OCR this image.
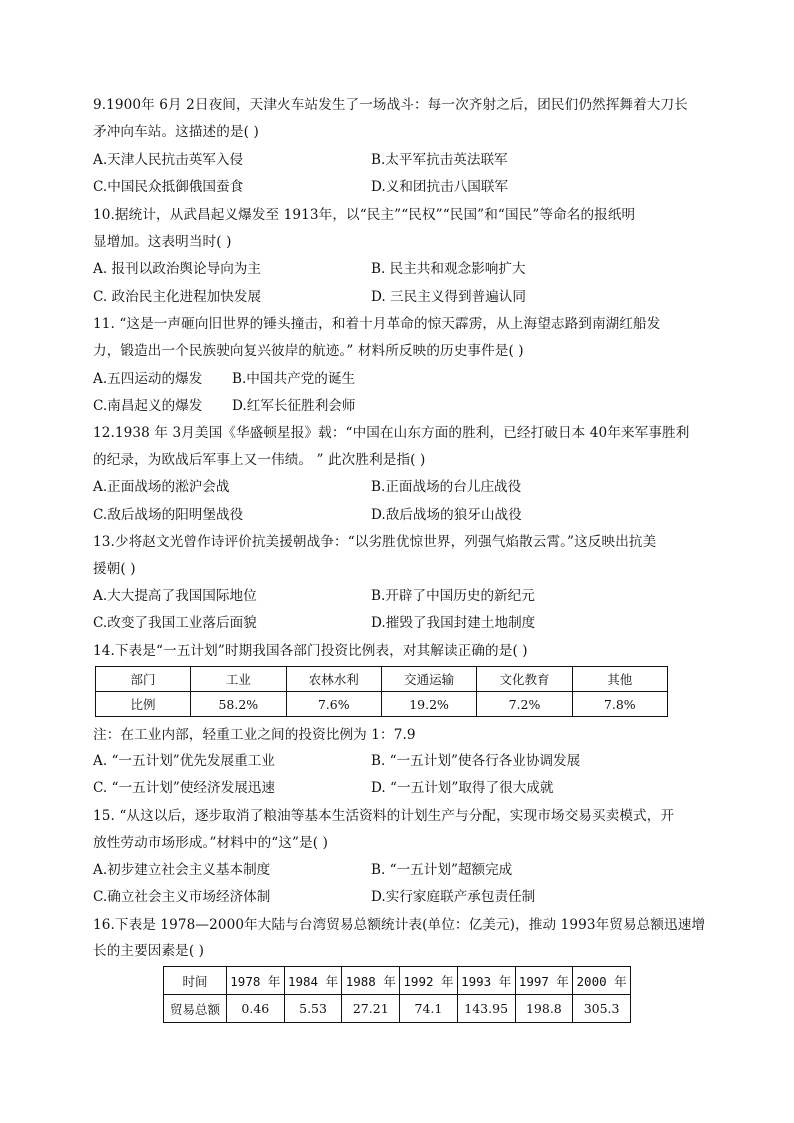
9.1900年 6月 2日夜间，天津火车站发生了一场战斗：每一次齐射之后，团民们仍然挥舞着大刀长
矛冲向车站。这描述的是( )
A.天津人民抗击英军入侵	B.太平军抗击英法联军
C.中国民众抵御俄国蚕食	D.义和团抗击八国联军
10.据统计，从武昌起义爆发至 1913年，以“民主”“民权”“民国”和“国民”等命名的报纸明
显增加。这表明当时( )
A. 报刊以政治舆论导向为主	B. 民主共和观念影响扩大
C. 政治民主化进程加快发展	D. 三民主义得到普遍认同
11. “这是一声砸向旧世界的锤头撞击，和着十月革命的惊天霹雳，从上海望志路到南湖红船发
力，锻造出一个民族驶向复兴彼岸的航迹。” 材料所反映的历史事件是( )
A.五四运动的爆发 B.中国共产党的诞生
C.南昌起义的爆发 D.红军长征胜利会师
12.1938 年 3月美国《华盛顿星报》载：“中国在山东方面的胜利，已经打破日本 40年来军事胜利
的纪录，为欧战后军事上又一伟绩。 ” 此次胜利是指( )
A.正面战场的淞沪会战	B.正面战场的台儿庄战役
C.敌后战场的阳明堡战役	D.敌后战场的狼牙山战役
13.少将赵文光曾作诗评价抗美援朝战争：“以劣胜优惊世界，列强气焰散云霄。”这反映出抗美
援朝( )
A.大大提高了我国国际地位	B.开辟了中国历史的新纪元
C.改变了我国工业落后面貌	D.摧毁了我国封建土地制度
14.下表是“一五计划”时期我国各部门投资比例表，对其解读正确的是( )
部门	工业	农林水利	交通运输	文化教育	其他
比例	58.2%	7.6%	19.2%	7.2%	7.8%
注：在工业内部，轻重工业之间的投资比例为 1：7.9
A. “一五计划”优先发展重工业	B. “一五计划”使各行各业协调发展
C. “一五计划”使经济发展迅速	D. “一五计划”取得了很大成就
15. “从这以后，逐步取消了粮油等基本生活资料的计划生产与分配，实现市场交易买卖模式，开
放性劳动市场形成。”材料中的“这”是( )
A.初步建立社会主义基本制度	B. “一五计划”超额完成
C.确立社会主义市场经济体制	D.实行家庭联产承包责任制
16.下表是 1978—2000年大陆与台湾贸易总额统计表(单位：亿美元)，推动 1993年贸易总额迅速增
长的主要因素是( )
时间	1978 年	1984 年	1988 年	1992 年	1993 年	1997 年	2000 年
贸易总额	0.46	5.53	27.21	74.1	143.95	198.8	305.3
